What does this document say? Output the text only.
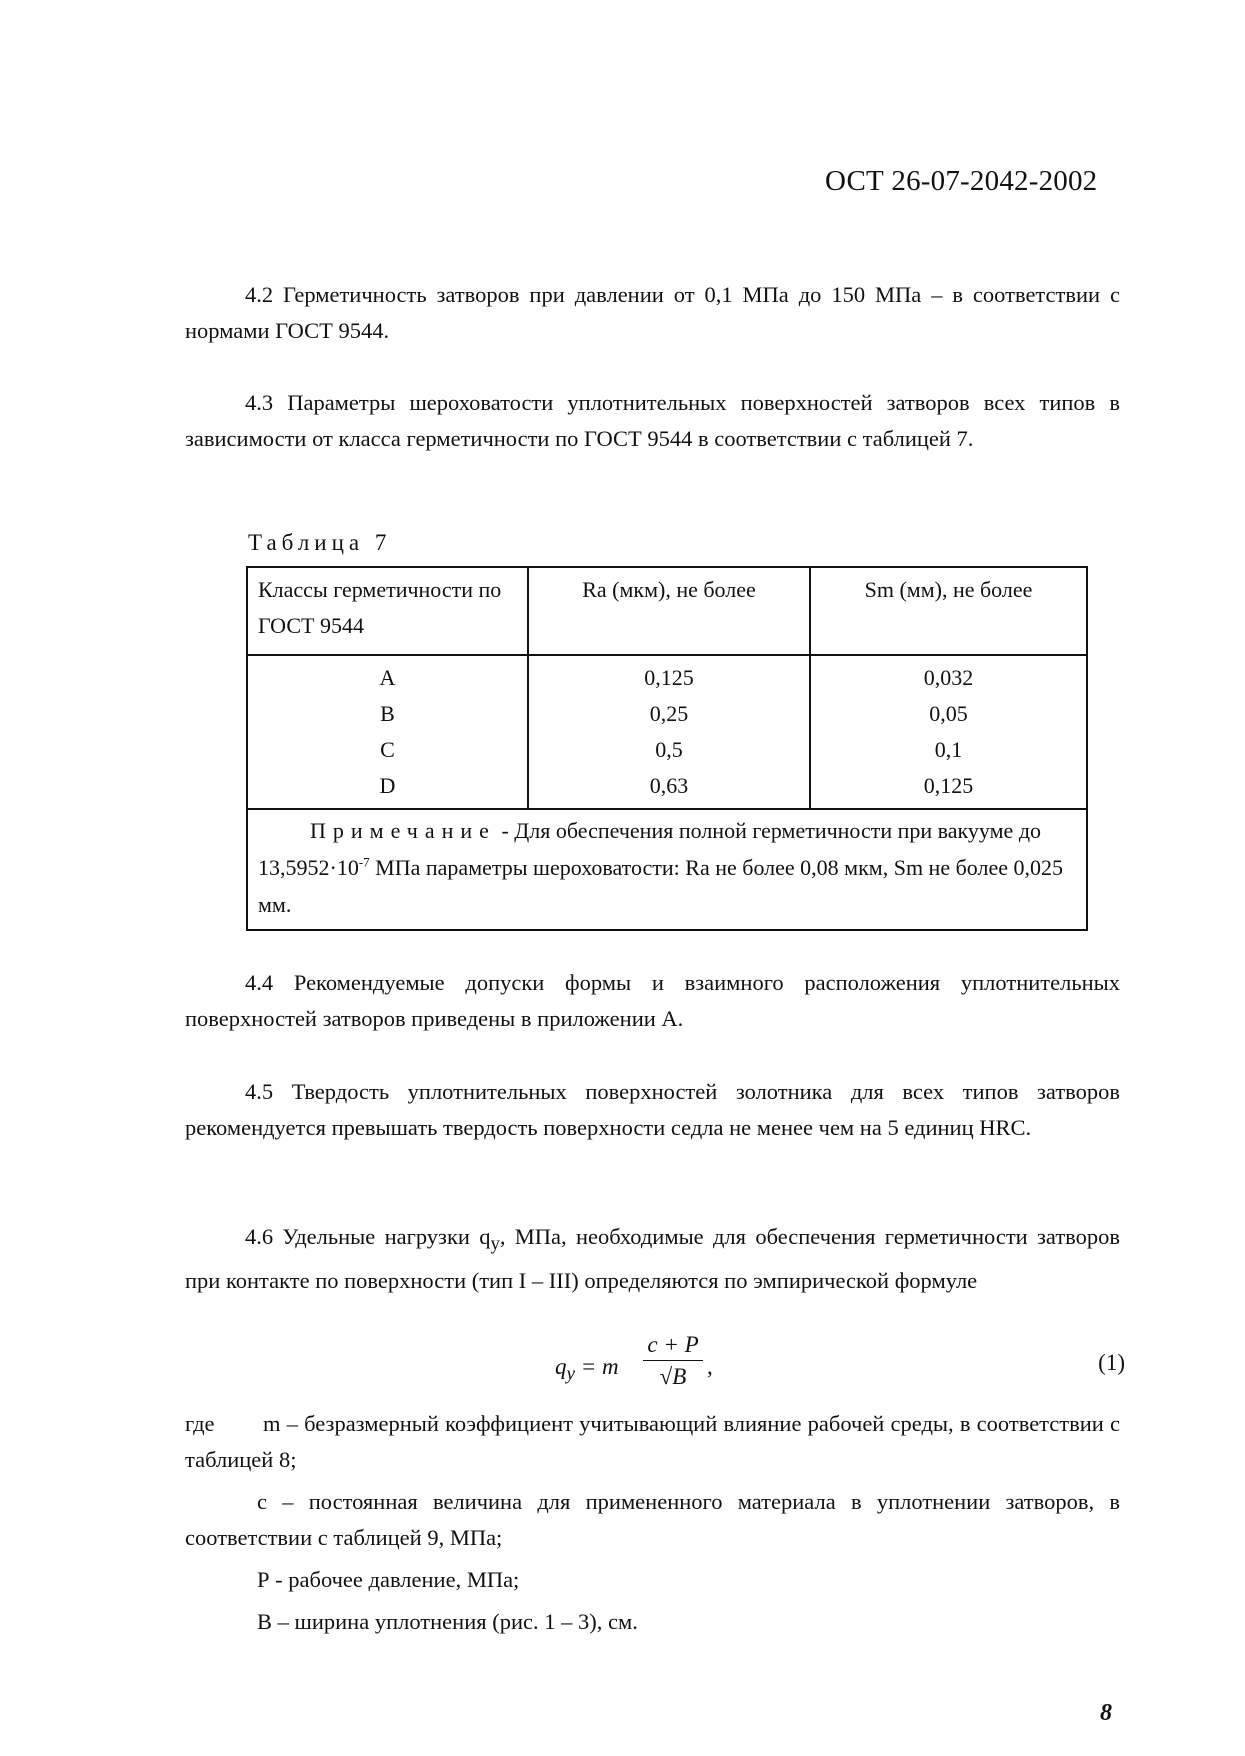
ОСТ 26-07-2042-2002

4.2 Герметичность затворов при давлении от 0,1 МПа до 150 МПа – в соответствии с нормами ГОСТ 9544.

4.3 Параметры шероховатости уплотнительных поверхностей затворов всех типов в зависимости от класса герметичности по ГОСТ 9544 в соответствии с таблицей 7.

Таблица 7
Классы герметичности по ГОСТ 9544	Ra (мкм), не более	Sm (мм), не более
A	0,125	0,032
B	0,25	0,05
C	0,5	0,1
D	0,63	0,125
Примечание - Для обеспечения полной герметичности при вакууме до $13,5952\cdot 10^{-7}$ МПа параметры шероховатости: Ra не более 0,08 мкм, Sm не более 0,025 мм.		

4.4 Рекомендуемые допуски формы и взаимного расположения уплотнительных поверхностей затворов приведены в приложении А.

4.5 Твердость уплотнительных поверхностей золотника для всех типов затворов рекомендуется превышать твердость поверхности седла не менее чем на 5 единиц HRC.

4.6 Удельные нагрузки $q_у$, МПа, необходимые для обеспечения герметичности затворов при контакте по поверхности (тип I – III) определяются по эмпирической формуле

$q_у = m \frac{c + P}{√B}$ ,	(1)

где m – безразмерный коэффициент учитывающий влияние рабочей среды, в соответствии с таблицей 8;

с – постоянная величина для примененного материала в уплотнении затворов, в соответствии с таблицей 9, МПа;

Р - рабочее давление, МПа;

В – ширина уплотнения (рис. 1 – 3), см.

8
